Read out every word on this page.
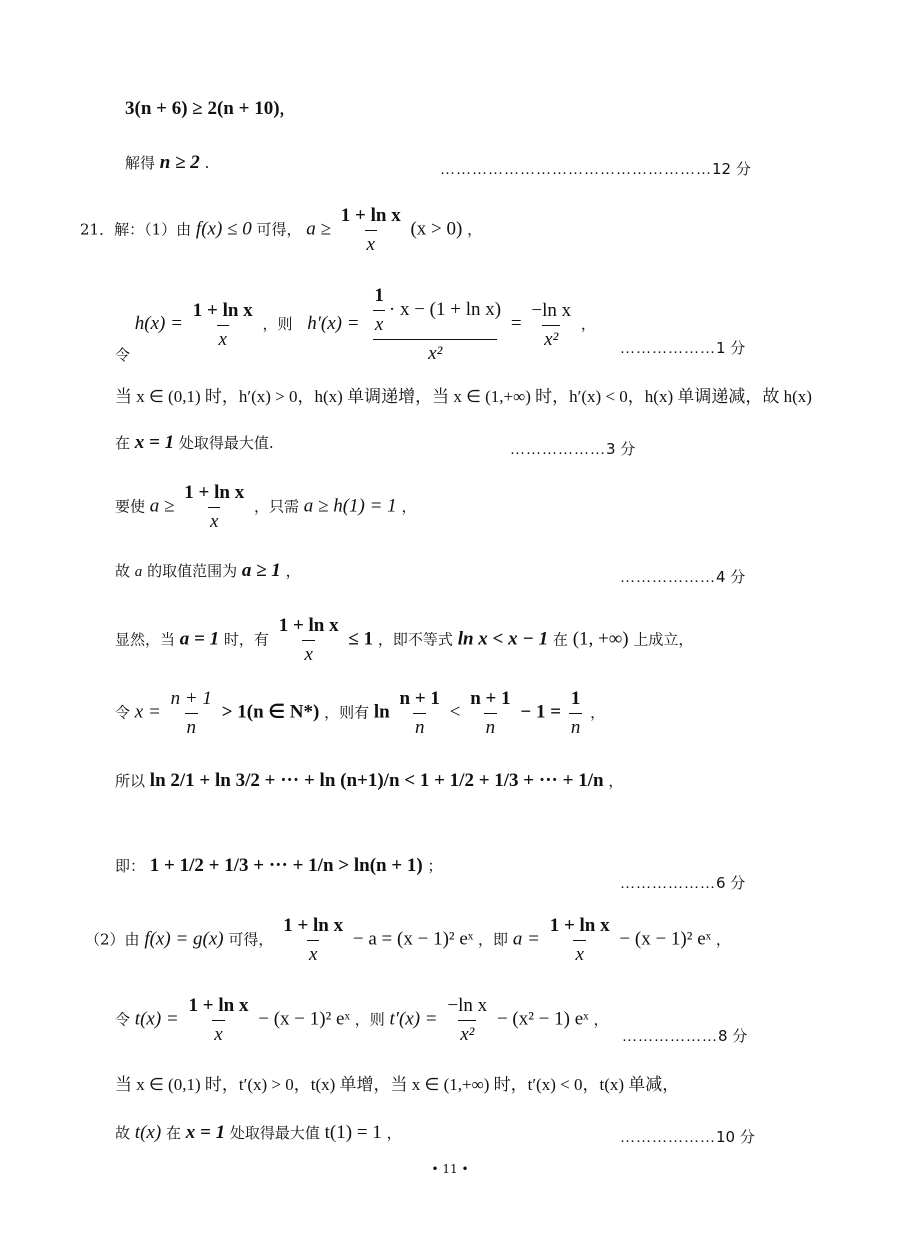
3(n + 6) ≥ 2(n + 10)，
解得 n ≥ 2 .	……………………………………………12 分
21．解：（1）由 f(x) ≤ 0 可得， $a \ge \frac{\text{1 + ln x}}{x} (x > 0)$ ，
令 $h(x) = \frac{\text{1 + ln x}}{x}$ ，则 $h'(x) = \frac{\frac{1}{x} \cdot x - (1 + \ln x)}{\text{x²}} = \frac{\text{−ln x}}{\text{x²}}$ ，
………………1 分
当 x ∈ (0,1) 时，h′(x) > 0，h(x) 单调递增，当 x ∈ (1,+∞) 时，h′(x) < 0，h(x) 单调递减，故 h(x)
在 x = 1 处取得最大值.	………………3 分
要使 $a \ge \frac{\text{1 + ln x}}{x}$ ，只需 a ≥ h(1) = 1 ，
故 a 的取值范围为 a ≥ 1 ，	………………4 分
显然，当 a = 1 时，有 $\frac{\text{1 + ln x}}{x} \le 1$ ，即不等式 ln x < x − 1 在 (1, +∞) 上成立，
令 $x = \frac{n + 1}{n} > 1(n$ ∈ N*) ，则有 $\ln \frac{n + 1}{n} < \frac{n + 1}{n} - 1 = \frac{1}{n}$ ，
所以 ln 2/1 + ln 3/2 + ··· + ln (n+1)/n < 1 + 1/2 + 1/3 + ··· + 1/n ，
即： 1 + 1/2 + 1/3 + ··· + 1/n > ln(n + 1) ；
………………6 分
（2）由 f(x) = g(x) 可得， $\frac{\text{1 + ln x}}{x} - a = (x - 1)^2$ eˣ ，即 $a = \frac{\text{1 + ln x}}{x} - (x - 1)^2$ eˣ ，
令 $t(x) = \frac{\text{1 + ln x}}{x} - (x - 1)^2$ eˣ ，则 $t'(x) = \frac{\text{−ln x}}{\text{x²}} - (x^2 - 1)$ eˣ ，
………………8 分
当 x ∈ (0,1) 时，t′(x) > 0，t(x) 单增，当 x ∈ (1,+∞) 时，t′(x) < 0，t(x) 单减，
故 t(x) 在 x = 1 处取得最大值 t(1) = 1 ，	………………10 分
• 11 •
